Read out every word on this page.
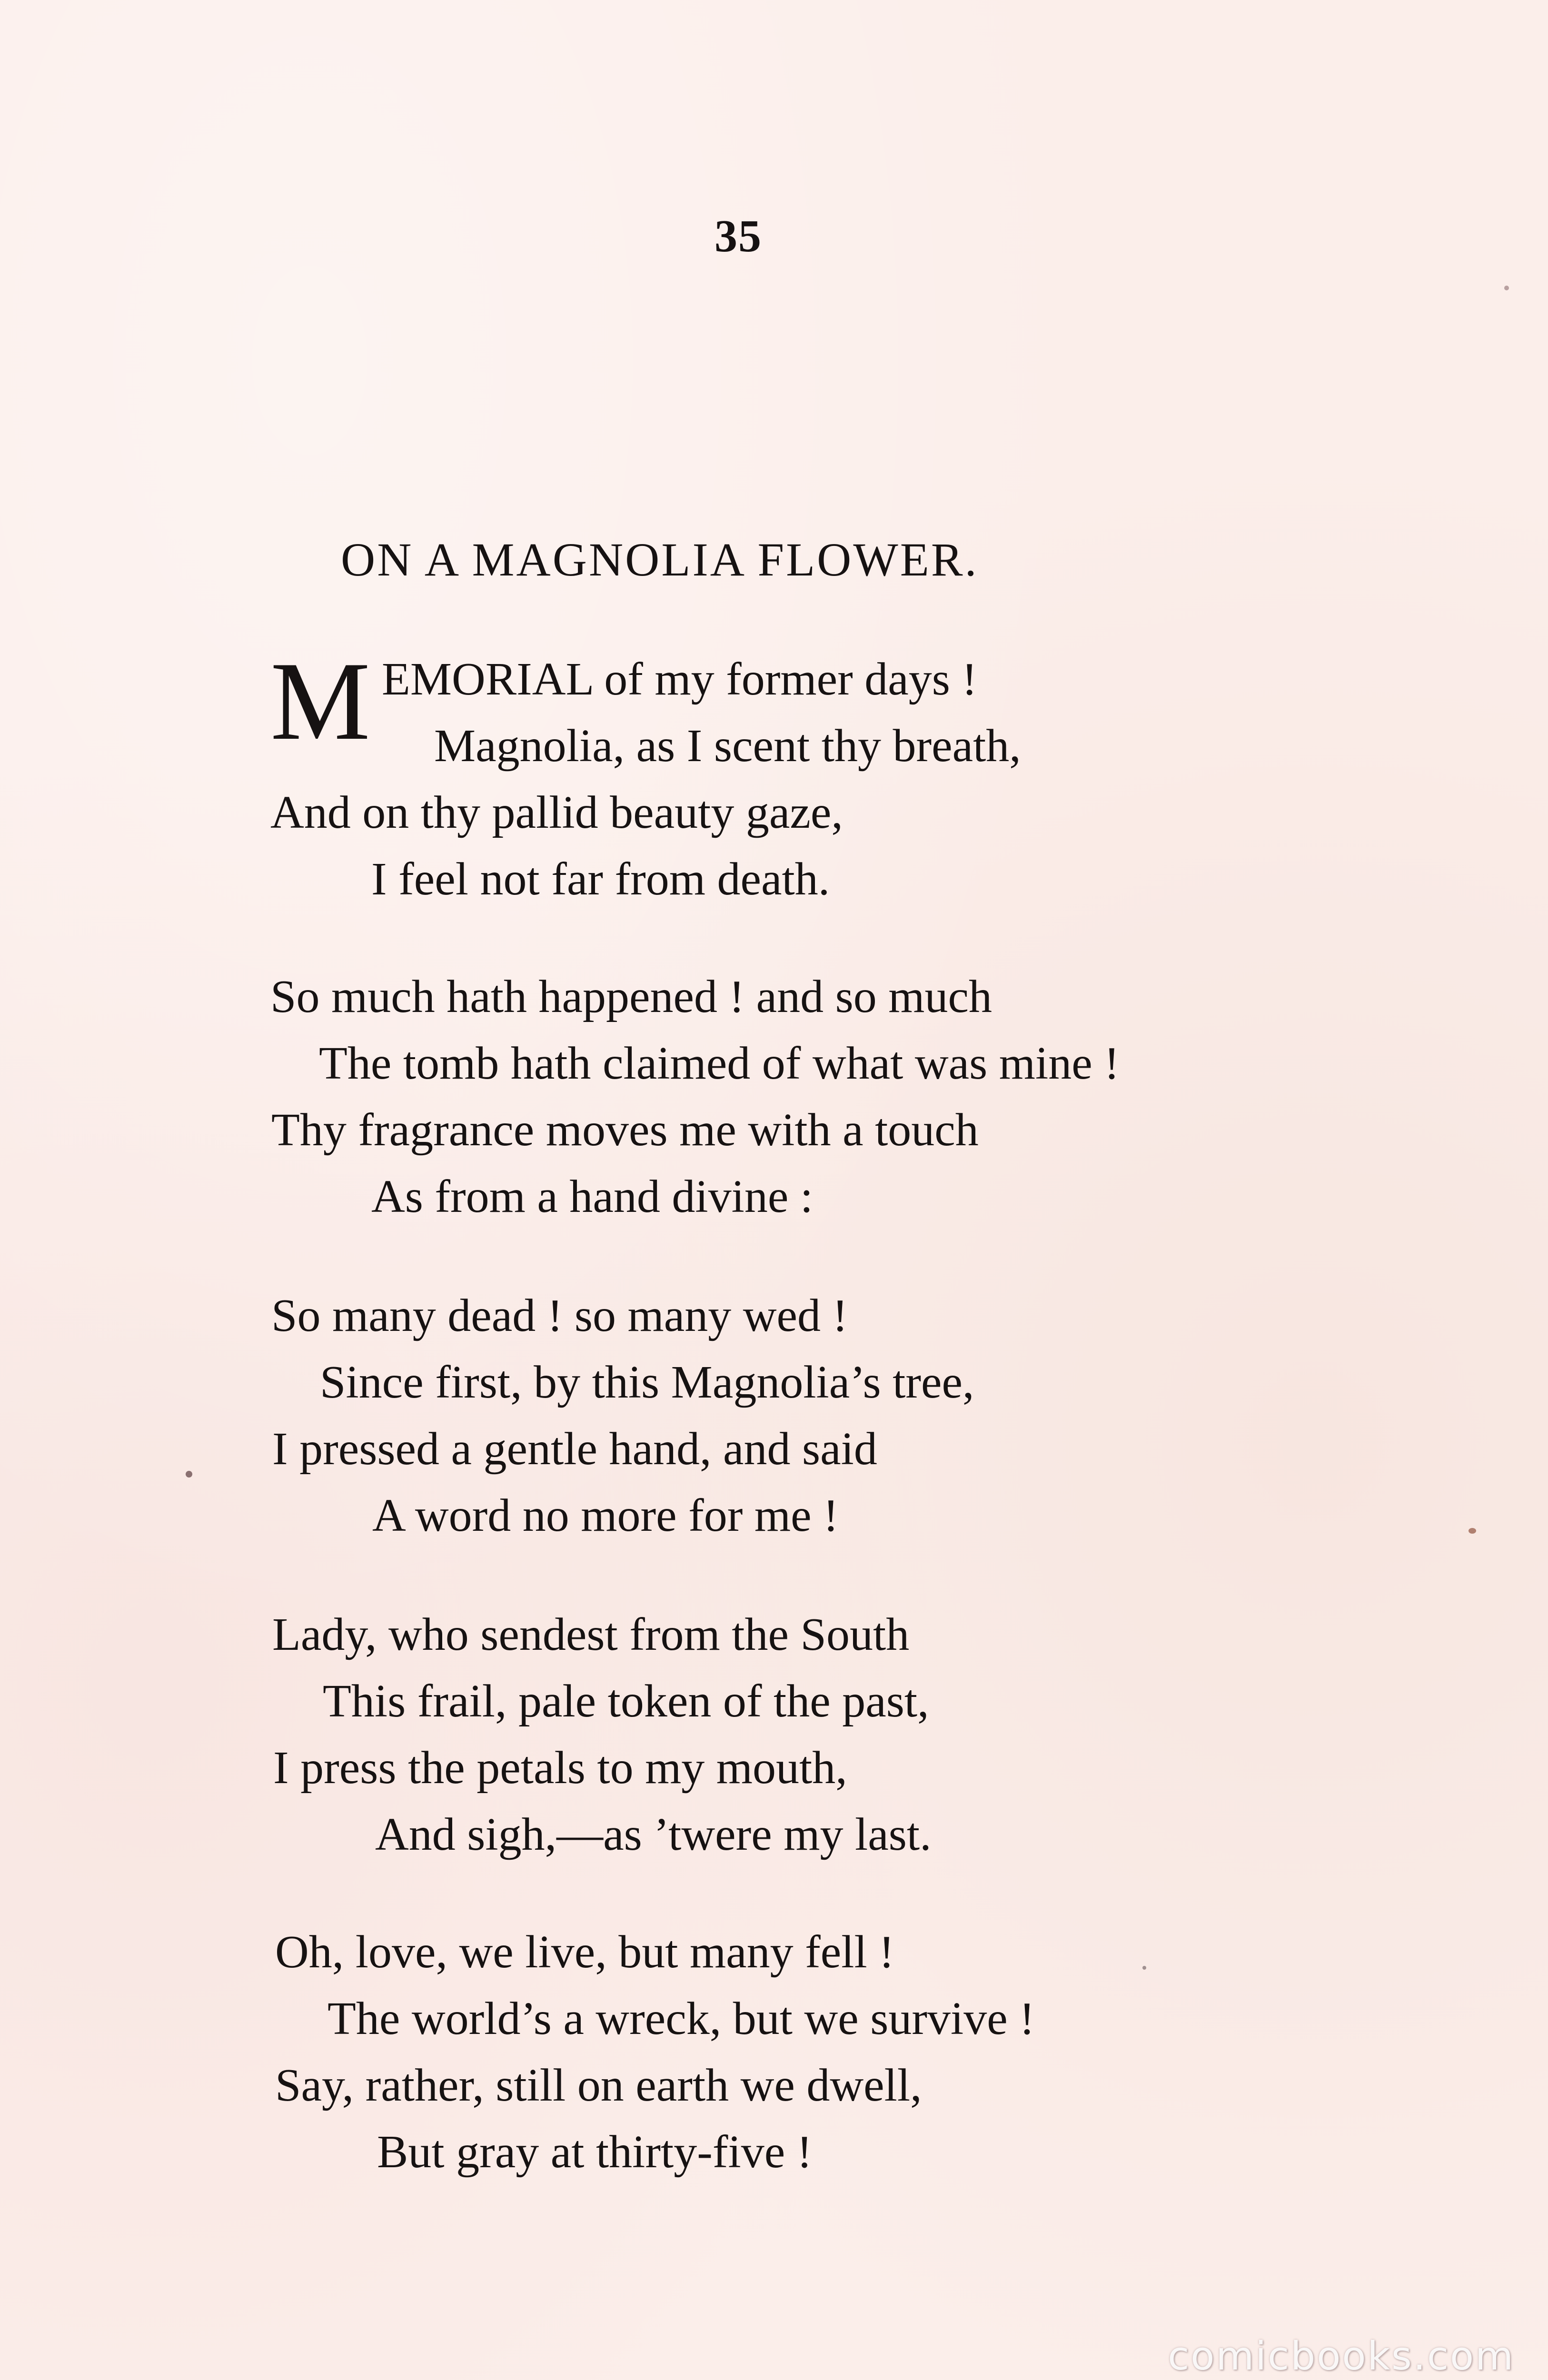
35
ON A MAGNOLIA FLOWER.
M EMORIAL of my former days !
Magnolia, as I scent thy breath,
And on thy pallid beauty gaze,
I feel not far from death.
So much hath happened ! and so much
The tomb hath claimed of what was mine !
Thy fragrance moves me with a touch
As from a hand divine :
So many dead ! so many wed !
Since first, by this Magnolia’s tree,
I pressed a gentle hand, and said
A word no more for me !
Lady, who sendest from the South
This frail, pale token of the past,
I press the petals to my mouth,
And sigh,—as ’twere my last.
Oh, love, we live, but many fell !
The world’s a wreck, but we survive !
Say, rather, still on earth we dwell,
But gray at thirty-five !
comicbooks.com
